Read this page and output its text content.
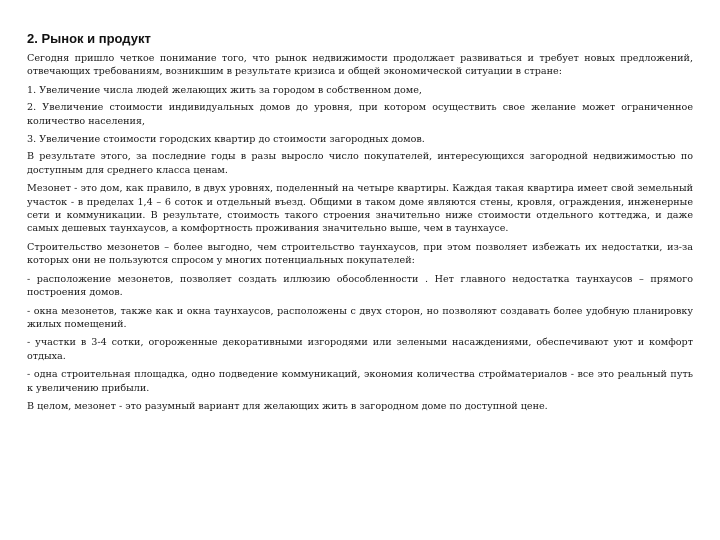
2. Рынок и продукт

Сегодня пришло четкое понимание того, что рынок недвижимости продолжает развиваться и требует новых предложений, отвечающих требованиям, возникшим в результате кризиса и общей экономической ситуации в стране:

1. Увеличение числа людей желающих жить за городом в собственном доме,

2. Увеличение стоимости индивидуальных домов до уровня, при котором осуществить свое желание может ограниченное количество населения,

3. Увеличение стоимости городских квартир до стоимости загородных домов.

В результате этого, за последние годы в разы выросло число покупателей, интересующихся загородной недвижимостью по доступным для среднего класса ценам.

Мезонет - это дом, как правило, в двух уровнях, поделенный на четыре квартиры. Каждая такая квартира имеет свой земельный участок - в пределах 1,4 – 6 соток и отдельный въезд. Общими в таком доме являются стены, кровля, ограждения, инженерные сети и коммуникации. В результате, стоимость такого строения значительно ниже стоимости отдельного коттеджа, и даже самых дешевых таунхаусов, а комфортность проживания значительно выше, чем в таунхаусе.

Строительство мезонетов – более выгодно, чем строительство таунхаусов, при этом позволяет избежать их недостатки, из-за которых они не пользуются спросом у многих потенциальных покупателей:

- расположение мезонетов, позволяет создать иллюзию обособленности . Нет главного недостатка таунхаусов – прямого построения домов.

- окна мезонетов, также как и окна таунхаусов, расположены с двух сторон, но позволяют создавать более удобную планировку жилых помещений.

- участки в 3-4 сотки, огороженные декоративными изгородями или зелеными насаждениями, обеспечивают уют и комфорт отдыха.

- одна строительная площадка, одно подведение коммуникаций, экономия количества стройматериалов - все это реальный путь к увеличению прибыли.

В целом, мезонет - это разумный вариант для желающих жить в загородном доме по доступной цене.
